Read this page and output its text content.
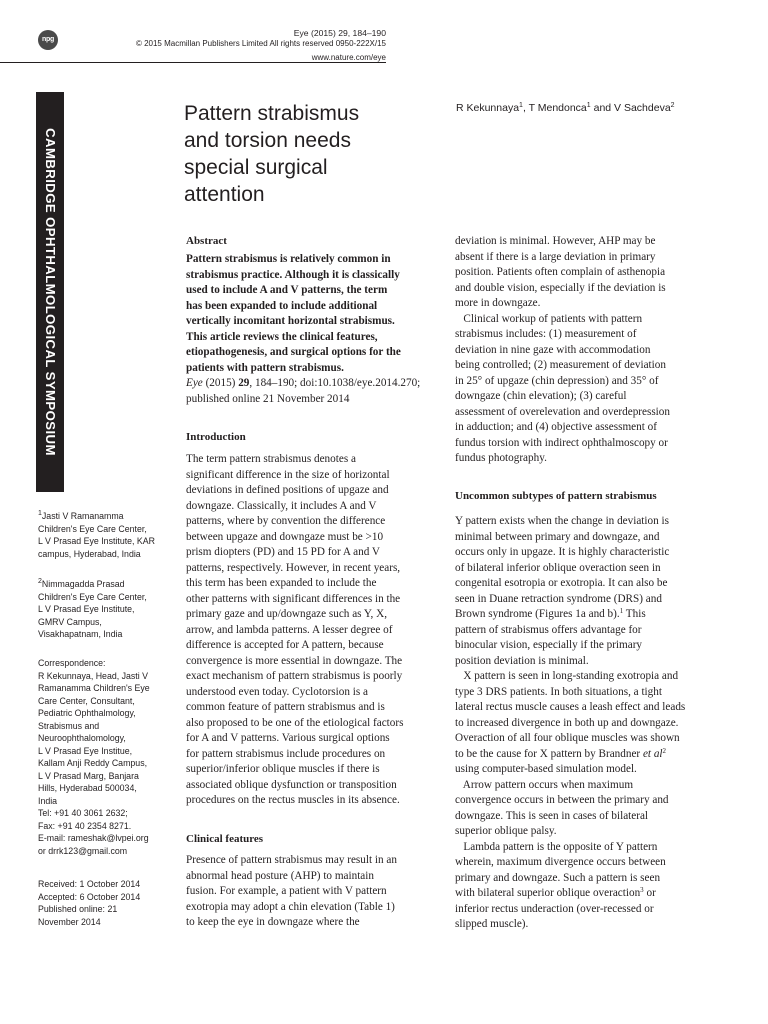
npg
Eye (2015) 29, 184–190
© 2015 Macmillan Publishers Limited All rights reserved 0950-222X/15
www.nature.com/eye
CAMBRIDGE OPHTHALMOLOGICAL SYMPOSIUM
Pattern strabismus
and torsion needs
special surgical
attention
R Kekunnaya$^1$, T Mendonca$^1$ and V Sachdeva$^2$
$^1$Jasti V Ramanamma
Children's Eye Care Center,
L V Prasad Eye Institute, KAR
campus, Hyderabad, India
$^2$Nimmagadda Prasad
Children's Eye Care Center,
L V Prasad Eye Institute,
GMRV Campus,
Visakhapatnam, India
Correspondence:
R Kekunnaya, Head, Jasti V
Ramanamma Children's Eye
Care Center, Consultant,
Pediatric Ophthalmology,
Strabismus and
Neuroophthalomology,
L V Prasad Eye Institue,
Kallam Anji Reddy Campus,
L V Prasad Marg, Banjara
Hills, Hyderabad 500034,
India
Tel: +91 40 3061 2632;
Fax: +91 40 2354 8271.
E-mail: rameshak@lvpei.org
or drrk123@gmail.com
Received: 1 October 2014
Accepted: 6 October 2014
Published online: 21
November 2014
Abstract
Pattern strabismus is relatively common in
strabismus practice. Although it is classically
used to include A and V patterns, the term
has been expanded to include additional
vertically incomitant horizontal strabismus.
This article reviews the clinical features,
etiopathogenesis, and surgical options for the
patients with pattern strabismus.
Eye (2015) 29, 184–190; doi:10.1038/eye.2014.270;
published online 21 November 2014
Introduction
The term pattern strabismus denotes a
significant difference in the size of horizontal
deviations in defined positions of upgaze and
downgaze. Classically, it includes A and V
patterns, where by convention the difference
between upgaze and downgaze must be >10
prism diopters (PD) and 15 PD for A and V
patterns, respectively. However, in recent years,
this term has been expanded to include the
other patterns with significant differences in the
primary gaze and up/downgaze such as Y, X,
arrow, and lambda patterns. A lesser degree of
difference is accepted for A pattern, because
convergence is more essential in downgaze. The
exact mechanism of pattern strabismus is poorly
understood even today. Cyclotorsion is a
common feature of pattern strabismus and is
also proposed to be one of the etiological factors
for A and V patterns. Various surgical options
for pattern strabismus include procedures on
superior/inferior oblique muscles if there is
associated oblique dysfunction or transposition
procedures on the rectus muscles in its absence.
Clinical features
Presence of pattern strabismus may result in an
abnormal head posture (AHP) to maintain
fusion. For example, a patient with V pattern
exotropia may adopt a chin elevation (Table 1)
to keep the eye in downgaze where the
deviation is minimal. However, AHP may be
absent if there is a large deviation in primary
position. Patients often complain of asthenopia
and double vision, especially if the deviation is
more in downgaze.
Clinical workup of patients with pattern
strabismus includes: (1) measurement of
deviation in nine gaze with accommodation
being controlled; (2) measurement of deviation
in 25° of upgaze (chin depression) and 35° of
downgaze (chin elevation); (3) careful
assessment of overelevation and overdepression
in adduction; and (4) objective assessment of
fundus torsion with indirect ophthalmoscopy or
fundus photography.
Uncommon subtypes of pattern strabismus
Y pattern exists when the change in deviation is
minimal between primary and downgaze, and
occurs only in upgaze. It is highly characteristic
of bilateral inferior oblique overaction seen in
congenital esotropia or exotropia. It can also be
seen in Duane retraction syndrome (DRS) and
Brown syndrome (Figures 1a and b).$^1$ This
pattern of strabismus offers advantage for
binocular vision, especially if the primary
position deviation is minimal.
X pattern is seen in long-standing exotropia and
type 3 DRS patients. In both situations, a tight
lateral rectus muscle causes a leash effect and leads
to increased divergence in both up and downgaze.
Overaction of all four oblique muscles was shown
to be the cause for X pattern by Brandner et $al^2$
using computer-based simulation model.
Arrow pattern occurs when maximum
convergence occurs in between the primary and
downgaze. This is seen in cases of bilateral
superior oblique palsy.
Lambda pattern is the opposite of Y pattern
wherein, maximum divergence occurs between
primary and downgaze. Such a pattern is seen
with bilateral superior oblique overaction$^3$ or
inferior rectus underaction (over-recessed or
slipped muscle).
